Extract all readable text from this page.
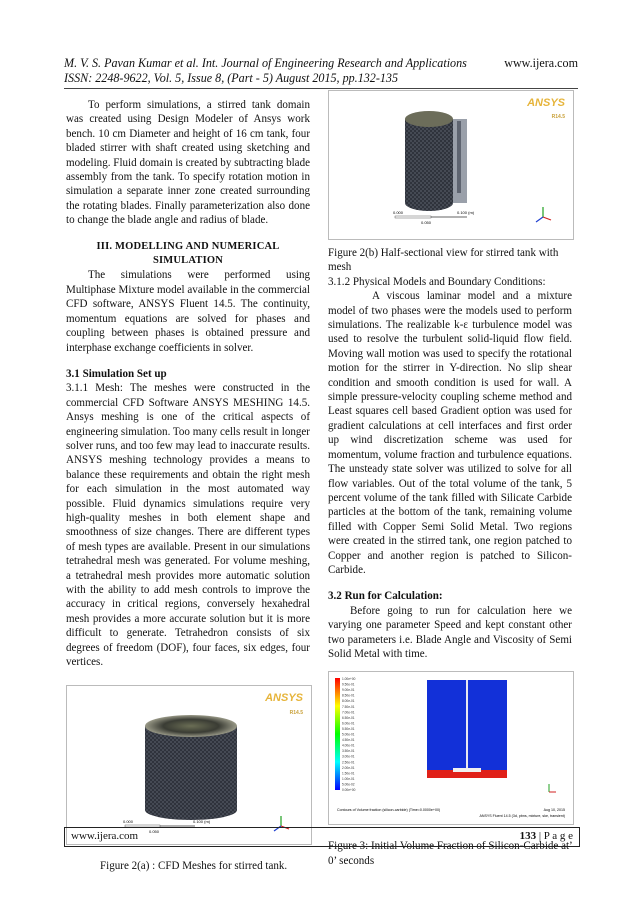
M. V. S. Pavan Kumar et al. Int. Journal of Engineering Research and Applications	www.ijera.com
ISSN: 2248-9622, Vol. 5, Issue 8, (Part - 5) August 2015, pp.132-135

To perform simulations, a stirred tank domain was created using Design Modeler of Ansys work bench. 10 cm Diameter and height of 16 cm tank, four bladed stirrer with shaft created using sketching and modeling. Fluid domain is created by subtracting blade assembly from the tank. To specify rotation motion in simulation a separate inner zone created surrounding the rotating blades. Finally parameterization also done to change the blade angle and radius of blade.

III. MODELLING AND NUMERICAL SIMULATION

The simulations were performed using Multiphase Mixture model available in the commercial CFD software, ANSYS Fluent 14.5. The continuity, momentum equations are solved for phases and coupling between phases is obtained pressure and interphase exchange coefficients in solver.

3.1 Simulation Set up

3.1.1 Mesh: The meshes were constructed in the commercial CFD Software ANSYS MESHING 14.5. Ansys meshing is one of the critical aspects of engineering simulation. Too many cells result in longer solver runs, and too few may lead to inaccurate results. ANSYS meshing technology provides a means to balance these requirements and obtain the right mesh for each simulation in the most automated way possible. Fluid dynamics simulations require very high-quality meshes in both element shape and smoothness of size changes. There are different types of mesh types are available. Present in our simulations tetrahedral mesh was generated. For volume meshing, a tetrahedral mesh provides more automatic solution with the ability to add mesh controls to improve the accuracy in critical regions, conversely hexahedral mesh provides a more accurate solution but it is more difficult to generate. Tetrahedron consists of six degrees of freedom (DOF), four faces, six edges, four vertices.

ANSYS
R14.5
0.000
0.050
0.100 (m)

Figure 2(a) : CFD Meshes for stirred tank.

ANSYS
R14.5
0.000
0.050
0.100 (m)

Figure 2(b) Half-sectional view for stirred tank with mesh

3.1.2 Physical Models and Boundary Conditions:

A viscous laminar model and a mixture model of two phases were the models used to perform simulations. The realizable k-ε turbulence model was used to resolve the turbulent solid-liquid flow field. Moving wall motion was used to specify the rotational motion for the stirrer in Y-direction. No slip shear condition and smooth condition is used for wall. A simple pressure-velocity coupling scheme method and Least squares cell based Gradient option was used for gradient calculations at cell interfaces and first order up wind discretization scheme was used for momentum, volume fraction and turbulence equations. The unsteady state solver was utilized to solve for all flow variables. Out of the total volume of the tank, 5 percent volume of the tank filled with Silicate Carbide particles at the bottom of the tank, remaining volume filled with Copper Semi Solid Metal. Two regions were created in the stirred tank, one region patched to Copper and another region is patched to Silicon-Carbide.

3.2 Run for Calculation:

Before going to run for calculation here we varying one parameter Speed and kept constant other two parameters i.e. Blade Angle and Viscosity of Semi Solid Metal with time.

1.00e+00
9.50e-01
9.00e-01
8.50e-01
8.00e-01
7.50e-01
7.00e-01
6.50e-01
6.00e-01
5.50e-01
5.00e-01
4.50e-01
4.00e-01
3.50e-01
3.00e-01
2.50e-01
2.00e-01
1.50e-01
1.00e-01
5.00e-02
0.00e+00
Contours of Volume fraction (silicon-carbide) (Time=0.0000e+00)	Aug 10, 2015
ANSYS Fluent 14.5 (3d, pbns, mixture, ske, transient)

Figure 3: Initial Volume Fraction of Silicon-Carbide at’ 0’ seconds

www.ijera.com	133 | P a g e
